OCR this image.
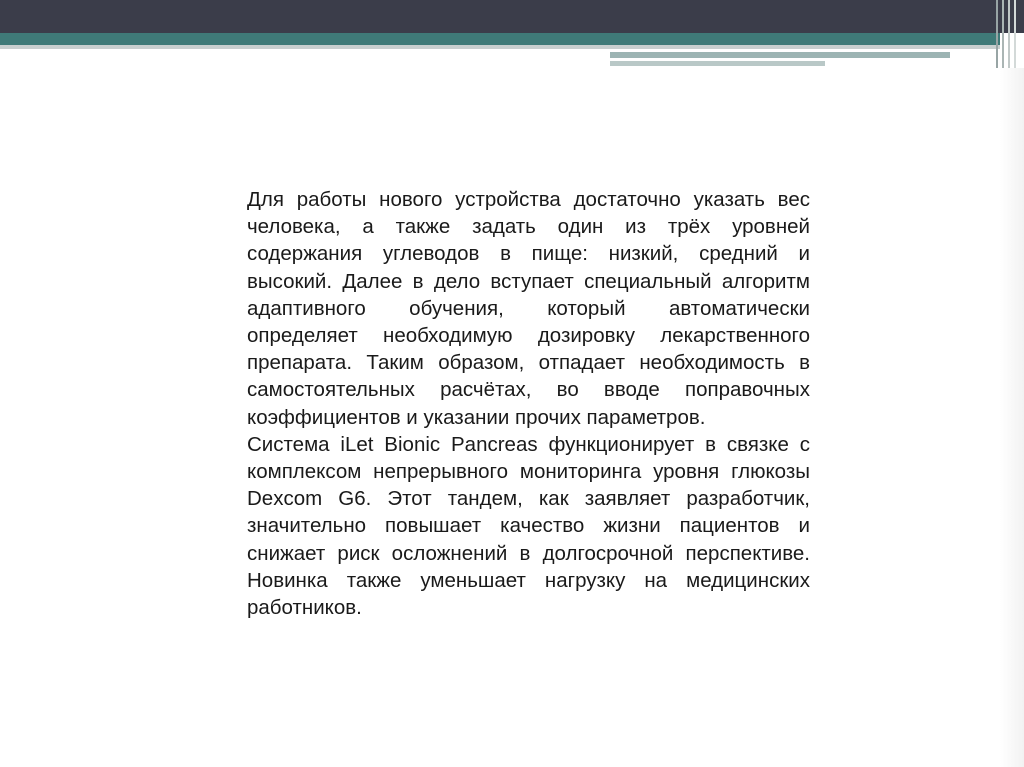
Для работы нового устройства достаточно указать вес человека, а также задать один из трёх уровней содержания углеводов в пище: низкий, средний и высокий. Далее в дело вступает специальный алгоритм адаптивного обучения, который автоматически определяет необходимую дозировку лекарственного препарата. Таким образом, отпадает необходимость в самостоятельных расчётах, во вводе поправочных коэффициентов и указании прочих параметров.

Система iLet Bionic Pancreas функционирует в связке с комплексом непрерывного мониторинга уровня глюкозы Dexcom G6. Этот тандем, как заявляет разработчик, значительно повышает качество жизни пациентов и снижает риск осложнений в долгосрочной перспективе. Новинка также уменьшает нагрузку на медицинских работников.
